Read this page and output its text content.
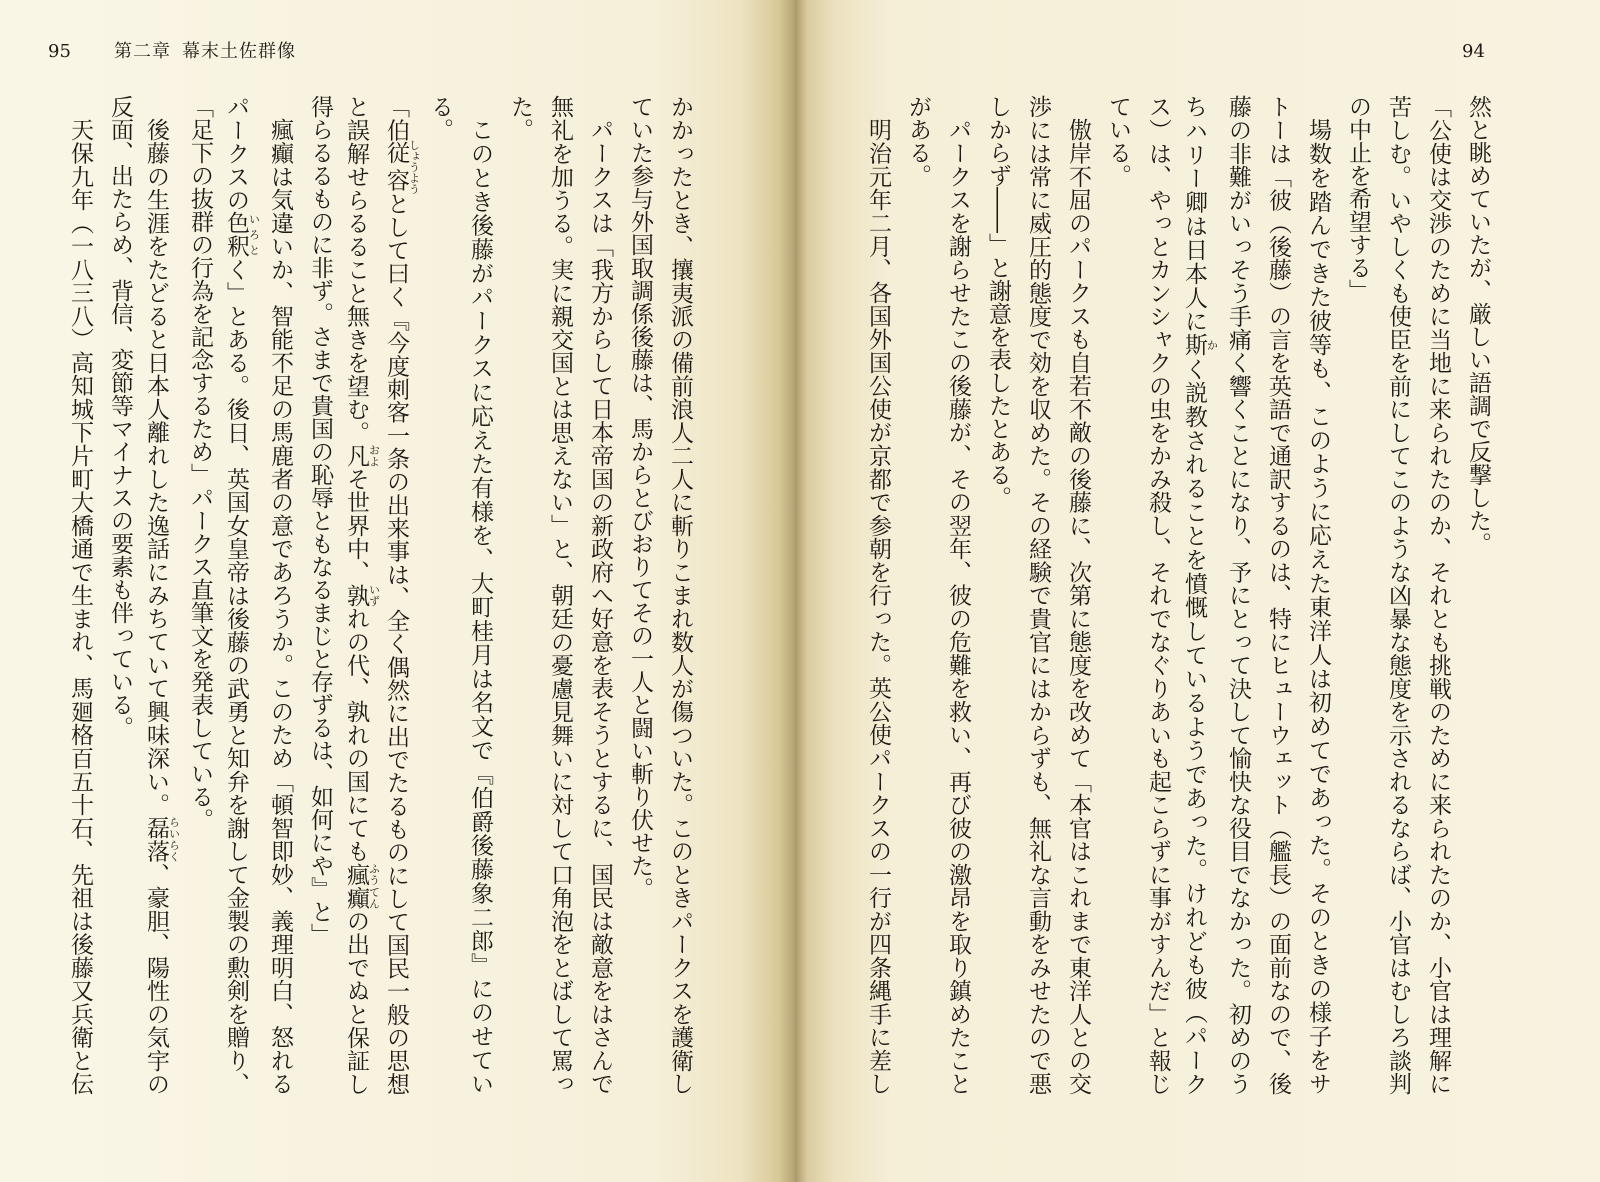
95 第二章 幕末土佐群像
かかったとき、攘夷派の備前浪人二人に斬りこまれ数人が傷ついた。このときパークスを護衛し
ていた参与外国取調係後藤は、馬からとびおりてその一人と闘い斬り伏せた。
パークスは「我方からして日本帝国の新政府へ好意を表そうとするに、国民は敵意をはさんで
無礼を加うる。実に親交国とは思えない」と、朝廷の憂慮見舞いに対して口角泡をとばして罵っ
た。
このとき後藤がパークスに応えた有様を、大町桂月は名文で『伯爵後藤象二郎』にのせてい
る。
「伯従容しょうようとして曰く『今度刺客一条の出来事は、全く偶然に出でたるものにして国民一般の思想
と誤解せらるること無きを望む。凡およそ世界中、孰いずれの代、孰れの国にても瘋癲ふうてんの出でぬと保証し
得らるるものに非ず。さまで貴国の恥辱ともなるまじと存ずるは、如何にや』と」
瘋癲は気違いか、智能不足の馬鹿者の意であろうか。このため「頓智即妙、義理明白、怒れる
パークスの色釈いろとく」とある。後日、英国女皇帝は後藤の武勇と知弁を謝して金製の勲剣を贈り、
「足下の抜群の行為を記念するため」パークス直筆文を発表している。
後藤の生涯をたどると日本人離れした逸話にみちていて興味深い。磊落らいらく、豪胆、陽性の気宇の
反面、出たらめ、背信、変節等マイナスの要素も伴っている。
天保九年（一八三八）高知城下片町大橋通で生まれ、馬廻格百五十石、先祖は後藤又兵衛と伝
94
然と眺めていたが、厳しい語調で反撃した。
「公使は交渉のために当地に来られたのか、それとも挑戦のために来られたのか、小官は理解に
苦しむ。いやしくも使臣を前にしてこのような凶暴な態度を示されるならば、小官はむしろ談判
の中止を希望する」
場数を踏んできた彼等も、このように応えた東洋人は初めてであった。そのときの様子をサ
トーは「彼（後藤）の言を英語で通訳するのは、特にヒューウェット（艦長）の面前なので、後
藤の非難がいっそう手痛く響くことになり、予にとって決して愉快な役目でなかった。初めのう
ちハリー卿は日本人に斯かく説教されることを憤慨しているようであった。けれども彼（パーク
ス）は、やっとカンシャクの虫をかみ殺し、それでなぐりあいも起こらずに事がすんだ」と報じ
ている。
傲岸不屈のパークスも自若不敵の後藤に、次第に態度を改めて「本官はこれまで東洋人との交
渉には常に威圧的態度で効を収めた。その経験で貴官にはからずも、無礼な言動をみせたので悪
しからず――」と謝意を表したとある。
パークスを謝らせたこの後藤が、その翌年、彼の危難を救い、再び彼の激昂を取り鎮めたこと
がある。
明治元年二月、各国外国公使が京都で参朝を行った。英公使パークスの一行が四条縄手に差し
